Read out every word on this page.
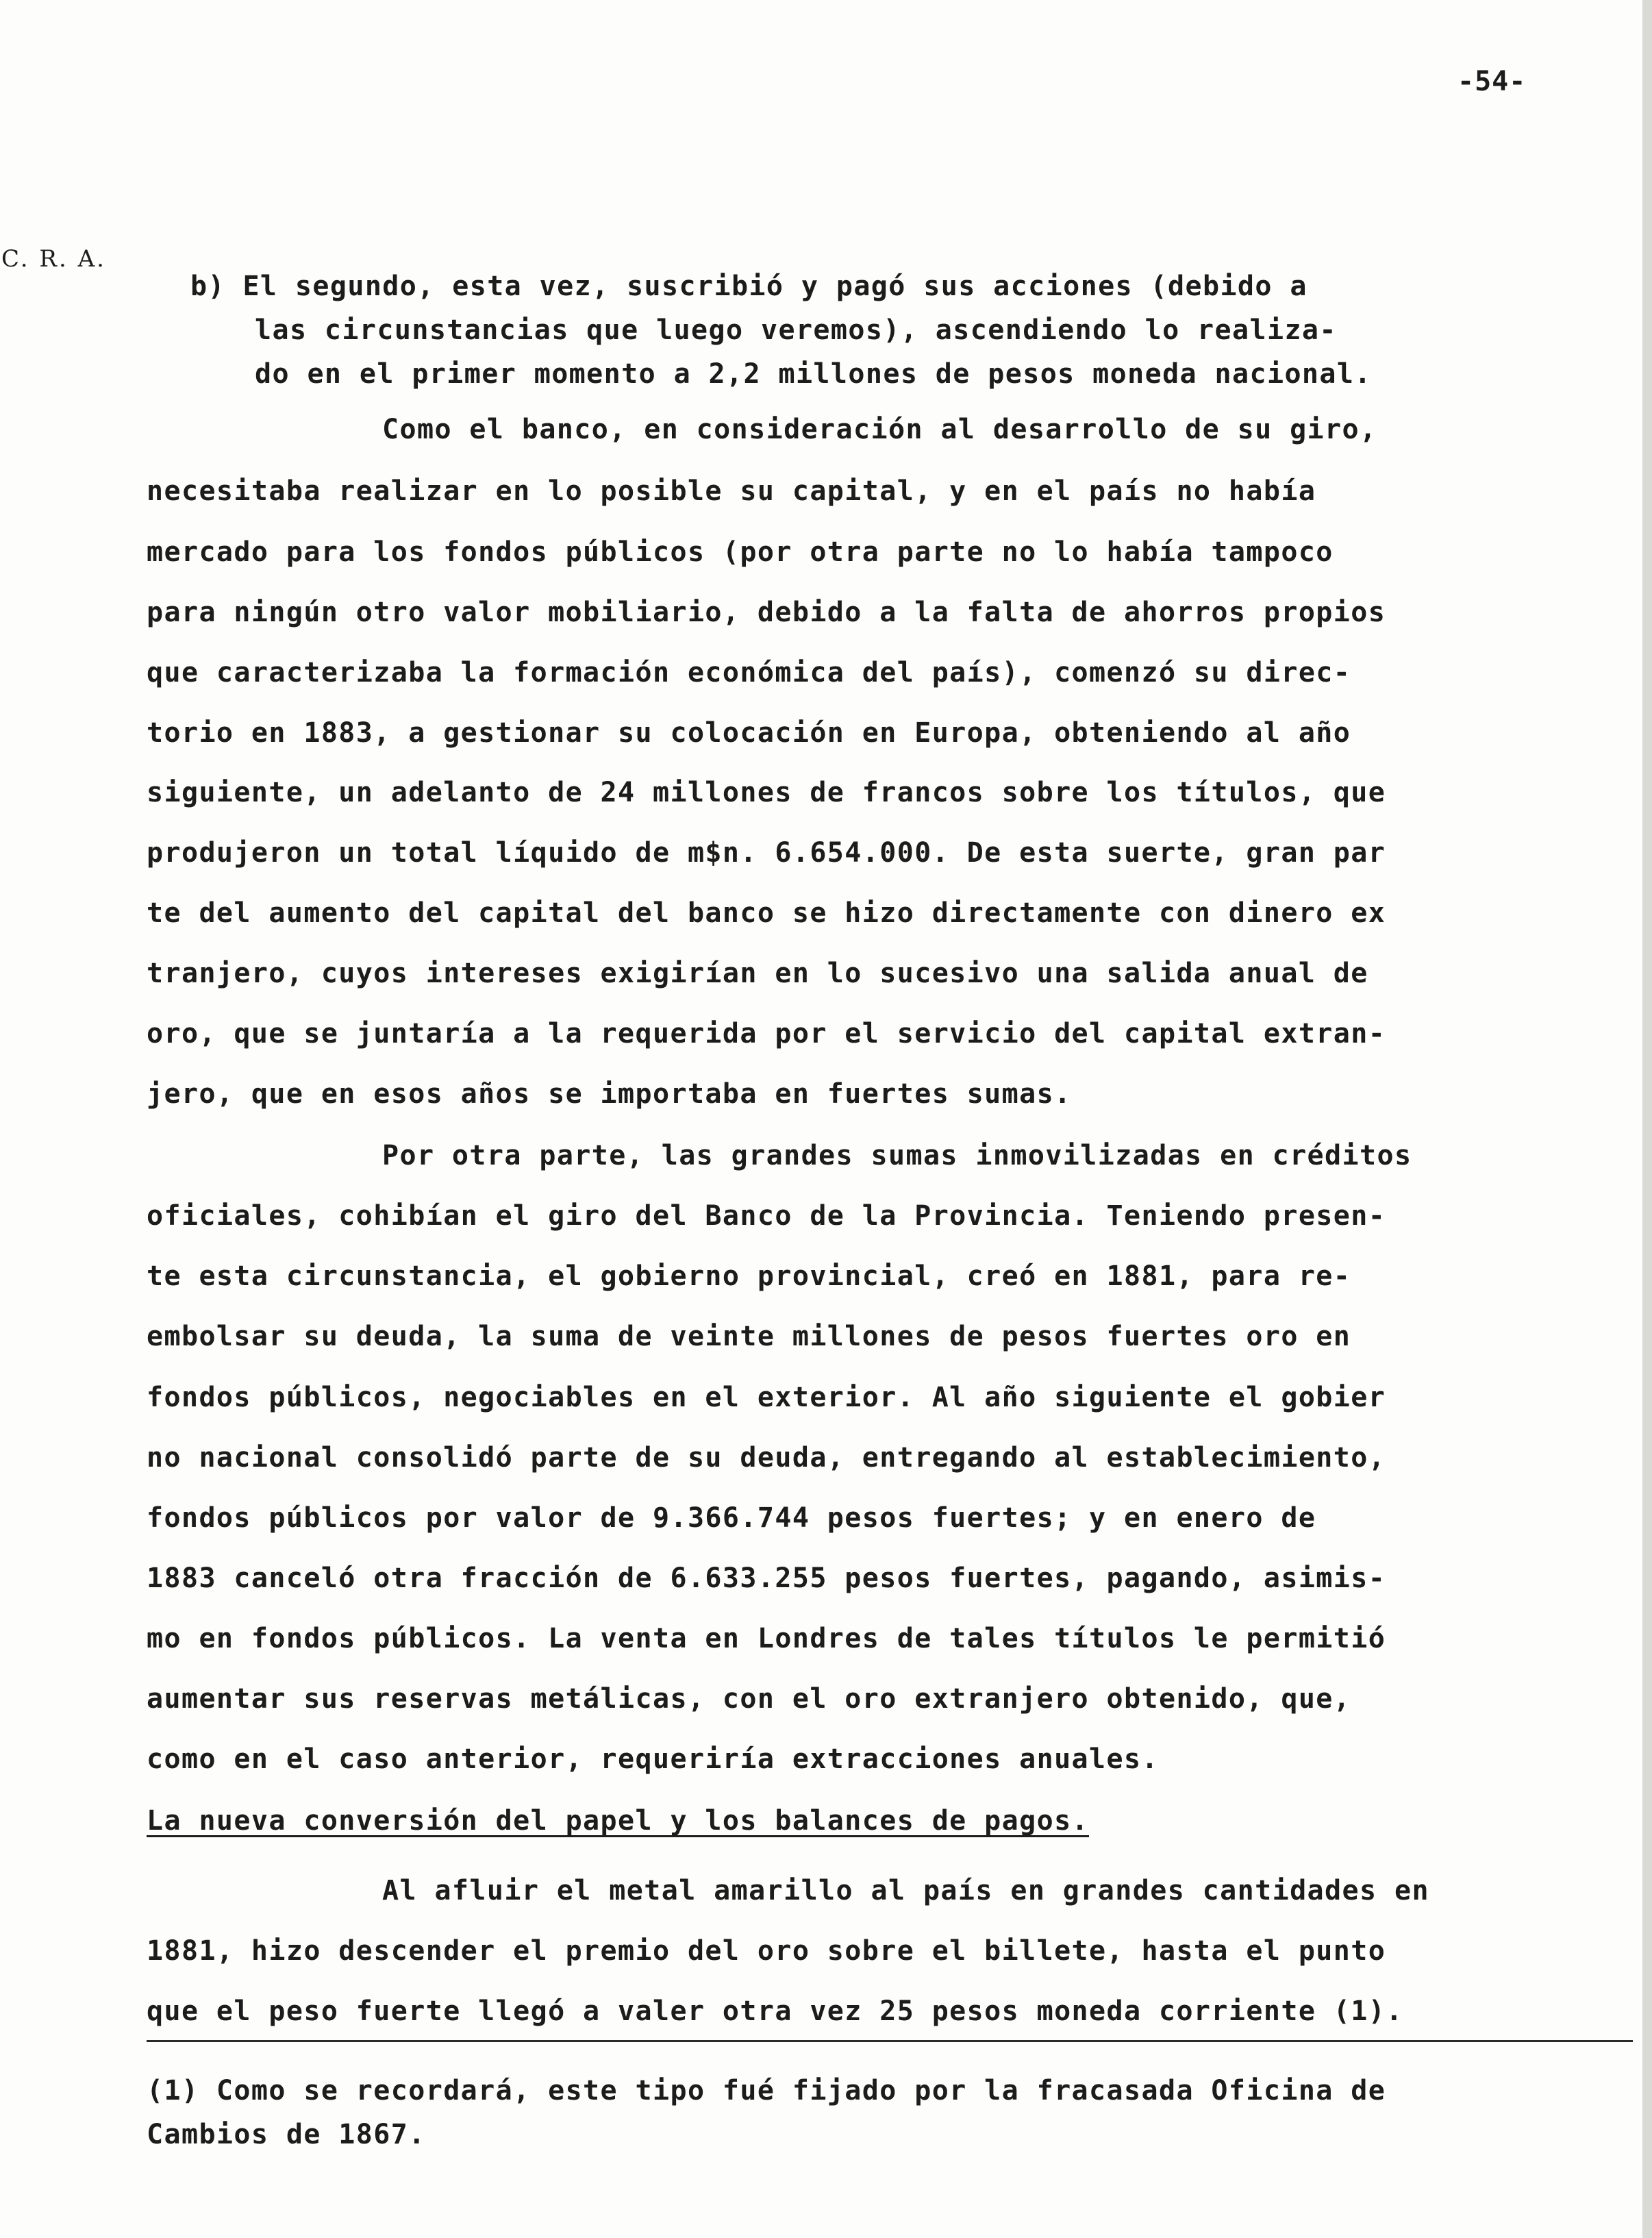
-54-
C. R. A.
b) El segundo, esta vez, suscribió y pagó sus acciones (debido a
las circunstancias que luego veremos), ascendiendo lo realiza-
do en el primer momento a 2,2 millones de pesos moneda nacional.
Como el banco, en consideración al desarrollo de su giro,
necesitaba realizar en lo posible su capital, y en el país no había
mercado para los fondos públicos (por otra parte no lo había tampoco
para ningún otro valor mobiliario, debido a la falta de ahorros propios
que caracterizaba la formación económica del país), comenzó su direc-
torio en 1883, a gestionar su colocación en Europa, obteniendo al año
siguiente, un adelanto de 24 millones de francos sobre los títulos, que
produjeron un total líquido de m$n. 6.654.000. De esta suerte, gran par
te del aumento del capital del banco se hizo directamente con dinero ex
tranjero, cuyos intereses exigirían en lo sucesivo una salida anual de
oro, que se juntaría a la requerida por el servicio del capital extran-
jero, que en esos años se importaba en fuertes sumas.
Por otra parte, las grandes sumas inmovilizadas en créditos
oficiales, cohibían el giro del Banco de la Provincia. Teniendo presen-
te esta circunstancia, el gobierno provincial, creó en 1881, para re-
embolsar su deuda, la suma de veinte millones de pesos fuertes oro en
fondos públicos, negociables en el exterior. Al año siguiente el gobier
no nacional consolidó parte de su deuda, entregando al establecimiento,
fondos públicos por valor de 9.366.744 pesos fuertes; y en enero de
1883 canceló otra fracción de 6.633.255 pesos fuertes, pagando, asimis-
mo en fondos públicos. La venta en Londres de tales títulos le permitió
aumentar sus reservas metálicas, con el oro extranjero obtenido, que,
como en el caso anterior, requeriría extracciones anuales.
La nueva conversión del papel y los balances de pagos.
Al afluir el metal amarillo al país en grandes cantidades en
1881, hizo descender el premio del oro sobre el billete, hasta el punto
que el peso fuerte llegó a valer otra vez 25 pesos moneda corriente (1).
(1) Como se recordará, este tipo fué fijado por la fracasada Oficina de
Cambios de 1867.
